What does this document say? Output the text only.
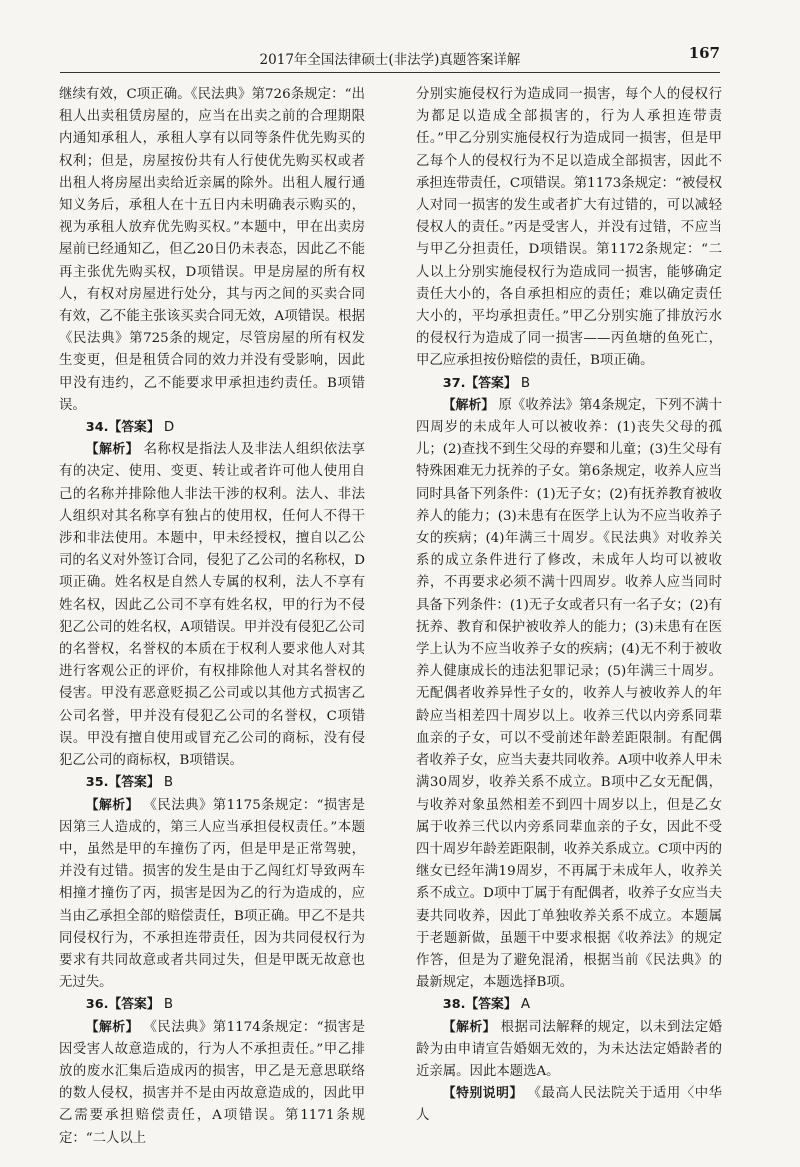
2017年全国法律硕士(非法学)真题答案详解	167

继续有效，C项正确。《民法典》第726条规定：“出租人出卖租赁房屋的，应当在出卖之前的合理期限内通知承租人，承租人享有以同等条件优先购买的权利；但是，房屋按份共有人行使优先购买权或者出租人将房屋出卖给近亲属的除外。出租人履行通知义务后，承租人在十五日内未明确表示购买的，视为承租人放弃优先购买权。”本题中，甲在出卖房屋前已经通知乙，但乙20日仍未表态，因此乙不能再主张优先购买权，D项错误。甲是房屋的所有权人，有权对房屋进行处分，其与丙之间的买卖合同有效，乙不能主张该买卖合同无效，A项错误。根据《民法典》第725条的规定，尽管房屋的所有权发生变更，但是租赁合同的效力并没有受影响，因此甲没有违约，乙不能要求甲承担违约责任。B项错误。

34.【答案】 D

【解析】 名称权是指法人及非法人组织依法享有的决定、使用、变更、转让或者许可他人使用自己的名称并排除他人非法干涉的权利。法人、非法人组织对其名称享有独占的使用权，任何人不得干涉和非法使用。本题中，甲未经授权，擅自以乙公司的名义对外签订合同，侵犯了乙公司的名称权，D项正确。姓名权是自然人专属的权利，法人不享有姓名权，因此乙公司不享有姓名权，甲的行为不侵犯乙公司的姓名权，A项错误。甲并没有侵犯乙公司的名誉权，名誉权的本质在于权利人要求他人对其进行客观公正的评价，有权排除他人对其名誉权的侵害。甲没有恶意贬损乙公司或以其他方式损害乙公司名誉，甲并没有侵犯乙公司的名誉权，C项错误。甲没有擅自使用或冒充乙公司的商标，没有侵犯乙公司的商标权，B项错误。

35.【答案】 B

【解析】 《民法典》第1175条规定：“损害是因第三人造成的，第三人应当承担侵权责任。”本题中，虽然是甲的车撞伤了丙，但是甲是正常驾驶，并没有过错。损害的发生是由于乙闯红灯导致两车相撞才撞伤了丙，损害是因为乙的行为造成的，应当由乙承担全部的赔偿责任，B项正确。甲乙不是共同侵权行为，不承担连带责任，因为共同侵权行为要求有共同故意或者共同过失，但是甲既无故意也无过失。

36.【答案】 B

【解析】 《民法典》第1174条规定：“损害是因受害人故意造成的，行为人不承担责任。”甲乙排放的废水汇集后造成丙的损害，甲乙是无意思联络的数人侵权，损害并不是由丙故意造成的，因此甲乙需要承担赔偿责任，A项错误。第1171条规定：“二人以上

分别实施侵权行为造成同一损害，每个人的侵权行为都足以造成全部损害的，行为人承担连带责任。”甲乙分别实施侵权行为造成同一损害，但是甲乙每个人的侵权行为不足以造成全部损害，因此不承担连带责任，C项错误。第1173条规定：“被侵权人对同一损害的发生或者扩大有过错的，可以减轻侵权人的责任。”丙是受害人，并没有过错，不应当与甲乙分担责任，D项错误。第1172条规定：“二人以上分别实施侵权行为造成同一损害，能够确定责任大小的，各自承担相应的责任；难以确定责任大小的，平均承担责任。”甲乙分别实施了排放污水的侵权行为造成了同一损害——丙鱼塘的鱼死亡，甲乙应承担按份赔偿的责任，B项正确。

37.【答案】 B

【解析】 原《收养法》第4条规定，下列不满十四周岁的未成年人可以被收养：(1)丧失父母的孤儿；(2)查找不到生父母的弃婴和儿童；(3)生父母有特殊困难无力抚养的子女。第6条规定，收养人应当同时具备下列条件：(1)无子女；(2)有抚养教育被收养人的能力；(3)未患有在医学上认为不应当收养子女的疾病；(4)年满三十周岁。《民法典》对收养关系的成立条件进行了修改，未成年人均可以被收养，不再要求必须不满十四周岁。收养人应当同时具备下列条件：(1)无子女或者只有一名子女；(2)有抚养、教育和保护被收养人的能力；(3)未患有在医学上认为不应当收养子女的疾病；(4)无不利于被收养人健康成长的违法犯罪记录；(5)年满三十周岁。无配偶者收养异性子女的，收养人与被收养人的年龄应当相差四十周岁以上。收养三代以内旁系同辈血亲的子女，可以不受前述年龄差距限制。有配偶者收养子女，应当夫妻共同收养。A项中收养人甲未满30周岁，收养关系不成立。B项中乙女无配偶，与收养对象虽然相差不到四十周岁以上，但是乙女属于收养三代以内旁系同辈血亲的子女，因此不受四十周岁年龄差距限制，收养关系成立。C项中丙的继女已经年满19周岁，不再属于未成年人，收养关系不成立。D项中丁属于有配偶者，收养子女应当夫妻共同收养，因此丁单独收养关系不成立。本题属于老题新做，虽题干中要求根据《收养法》的规定作答，但是为了避免混淆，根据当前《民法典》的最新规定，本题选择B项。

38.【答案】 A

【解析】 根据司法解释的规定，以未到法定婚龄为由申请宣告婚姻无效的，为未达法定婚龄者的近亲属。因此本题选A。

【特别说明】 《最高人民法院关于适用〈中华人
